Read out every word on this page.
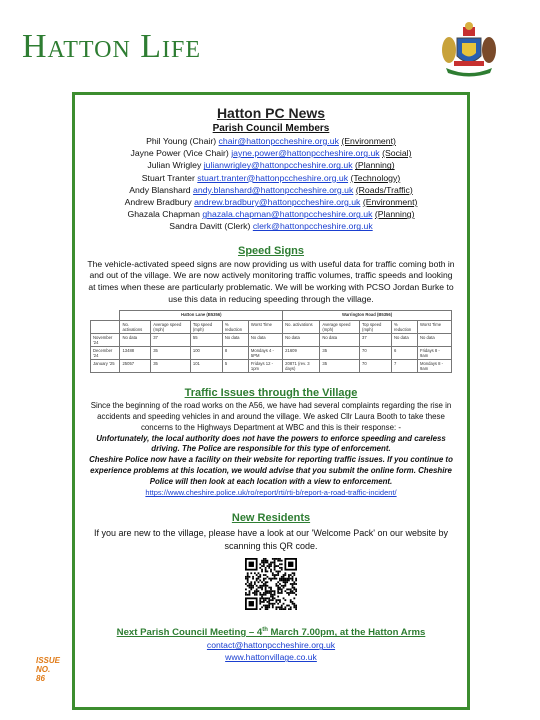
Hatton Life
Hatton PC News
Parish Council Members
Phil Young (Chair) chair@hattonpccheshire.org.uk (Environment)
Jayne Power (Vice Chair) jayne.power@hattonpccheshire.org.uk (Social)
Julian Wrigley julianwrigley@hattonpccheshire.org.uk (Planning)
Stuart Tranter stuart.tranter@hattonpccheshire.org.uk (Technology)
Andy Blanshard andy.blanshard@hattonpccheshire.org.uk (Roads/Traffic)
Andrew Bradbury andrew.bradbury@hattonpccheshire.org.uk (Environment)
Ghazala Chapman ghazala.chapman@hattonpccheshire.org.uk (Planning)
Sandra Davitt (Clerk) clerk@hattonpccheshire.org.uk
Speed Signs
The vehicle-activated speed signs are now providing us with useful data for traffic coming both in and out of the village. We are now actively monitoring traffic volumes, traffic speeds and looking at times when these are particularly problematic. We will be working with PCSO Jordan Burke to use this data in reducing speeding through the village.
	Hatton Lane (B5356)					Warrington Road (B5356)				
	No. activations	Average speed (mph)	Top speed (mph)	% reduction	Worst Time	No. activations	Average speed (mph)	Top speed (mph)	% reduction	Worst Time
November '24	No data	37	55	No data	No data	No data	No data	37	No data	No data
December '24	13488	35	100	8	Mondays 4 - 5PM	21609	35	70	6	Fridays 8 - 9am
January '25	25057	35	101	5	Fridays 12 - 1pm	20871 (rev. 3 days)	35	70	7	Mondays 8 - 9am
Traffic Issues through the Village
Since the beginning of the road works on the A56, we have had several complaints regarding the rise in accidents and speeding vehicles in and around the village. We asked Cllr Laura Booth to take these concerns to the Highways Department at WBC and this is their response: -
Unfortunately, the local authority does not have the powers to enforce speeding and careless driving. The Police are responsible for this type of enforcement.
Cheshire Police now have a facility on their website for reporting traffic issues. If you continue to experience problems at this location, we would advise that you submit the online form. Cheshire Police will then look at each location with a view to enforcement.
https://www.cheshire.police.uk/ro/report/rti/rti-b/report-a-road-traffic-incident/
New Residents
If you are new to the village, please have a look at our 'Welcome Pack' on our website by scanning this QR code.
Next Parish Council Meeting – 4th March 7.00pm, at the Hatton Arms
contact@hattonpccheshire.org.uk
www.hattonvillage.co.uk
ISSUE
NO.
86
